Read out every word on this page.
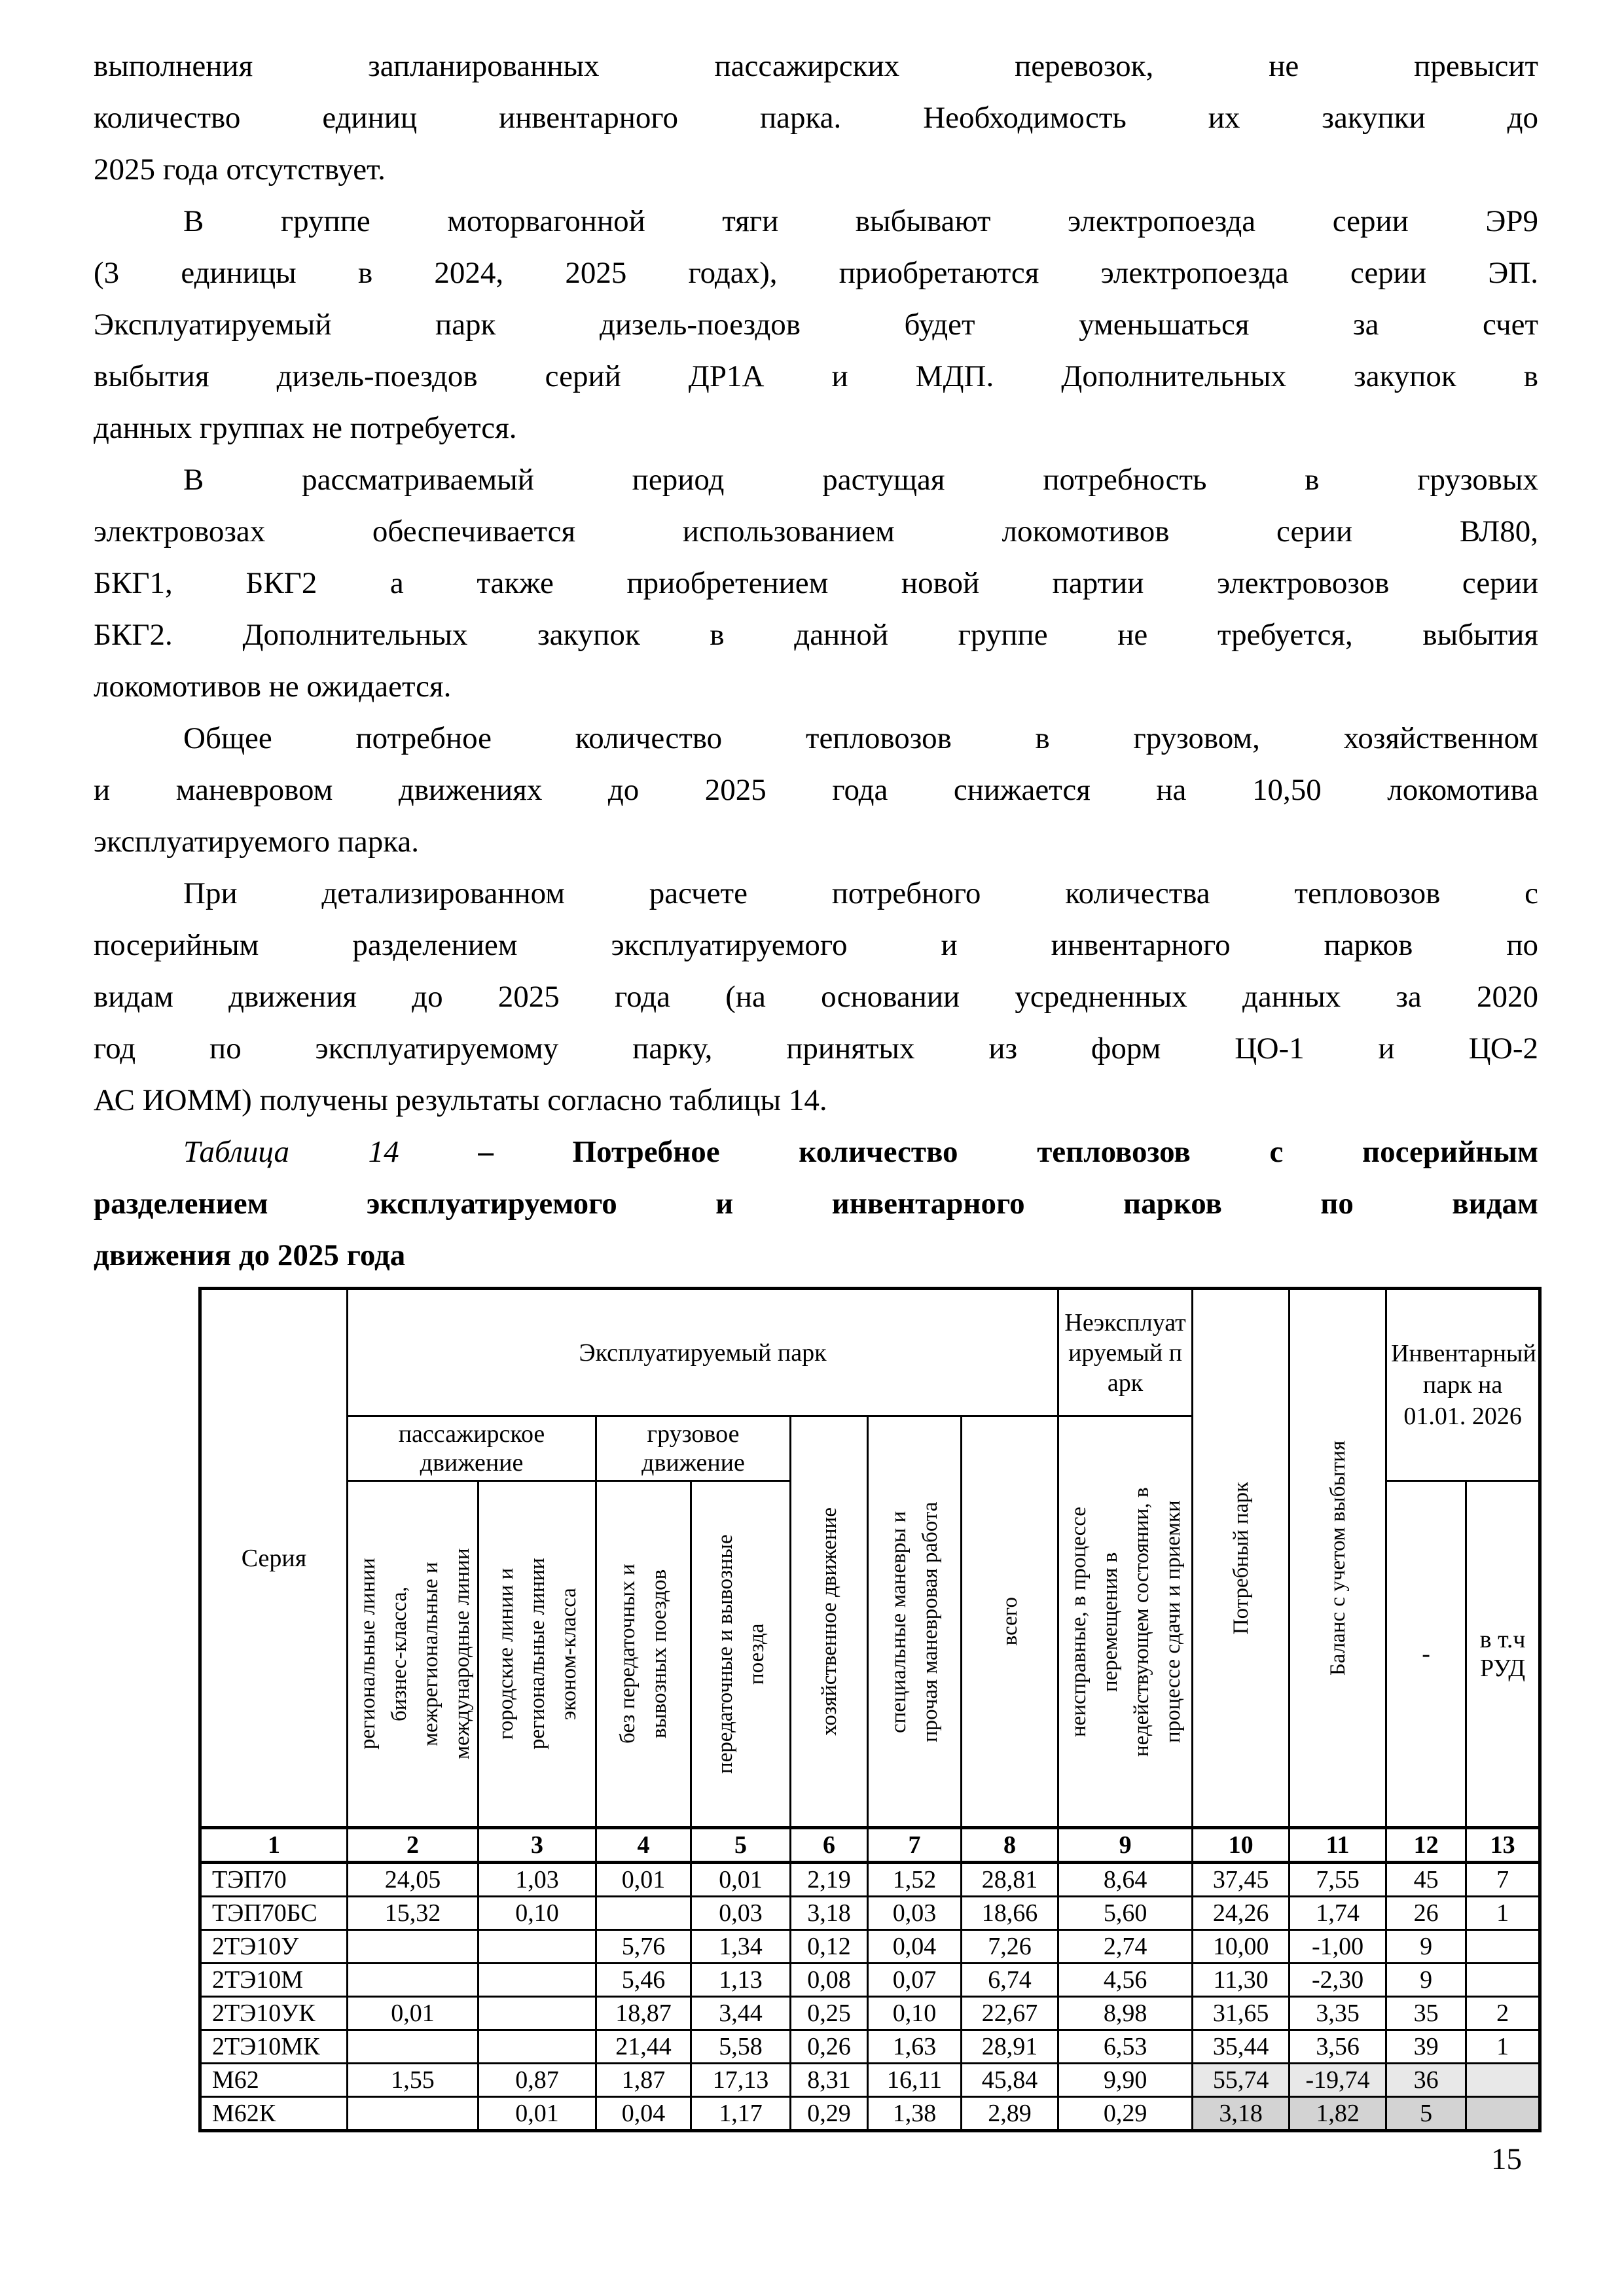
выполнения запланированных пассажирских перевозок, не превысит
количество единиц инвентарного парка. Необходимость их закупки до
2025 года отсутствует.
В группе моторвагонной тяги выбывают электропоезда серии ЭР9
(3 единицы в 2024, 2025 годах), приобретаются электропоезда серии ЭП.
Эксплуатируемый парк дизель-поездов будет уменьшаться за счет
выбытия дизель-поездов серий ДР1А и МДП. Дополнительных закупок в
данных группах не потребуется.
В рассматриваемый период растущая потребность в грузовых
электровозах обеспечивается использованием локомотивов серии ВЛ80,
БКГ1, БКГ2 а также приобретением новой партии электровозов серии
БКГ2. Дополнительных закупок в данной группе не требуется, выбытия
локомотивов не ожидается.
Общее потребное количество тепловозов в грузовом, хозяйственном
и маневровом движениях до 2025 года снижается на 10,50 локомотива
эксплуатируемого парка.
При детализированном расчете потребного количества тепловозов с
посерийным разделением эксплуатируемого и инвентарного парков по
видам движения до 2025 года (на основании усредненных данных за 2020
год по эксплуатируемому парку, принятых из форм ЦО-1 и ЦО-2
АС ИОММ) получены результаты согласно таблицы 14.
Таблица 14	–	Потребное количество тепловозов с посерийным
разделением эксплуатируемого и инвентарного парков по видам
движения до 2025 года
Серия	Эксплуатируемый парк							Неэксплуатируемый парк	Потребный парк	Баланс с учетом выбытия	Инвентарный парк на 01.01. 2026	
	пассажирское движение		грузовое движение		хозяйственное движение	специальные маневры и прочая маневровая работа	всего	неисправные, в процессе перемещения в недействующем состоянии, в процессе сдачи и приемки				
	региональные линии бизнес-класса, межрегиональные и международные линии	городские линии и региональные линии эконом-класса	без передаточных и вывозных поездов	передаточные и вывозные поезда							-	в т.ч РУД
1	2	3	4	5	6	7	8	9	10	11	12	13
ТЭП70	24,05	1,03	0,01	0,01	2,19	1,52	28,81	8,64	37,45	7,55	45	7
ТЭП70БС	15,32	0,10		0,03	3,18	0,03	18,66	5,60	24,26	1,74	26	1
2ТЭ10У			5,76	1,34	0,12	0,04	7,26	2,74	10,00	-1,00	9	
2ТЭ10М			5,46	1,13	0,08	0,07	6,74	4,56	11,30	-2,30	9	
2ТЭ10УК	0,01		18,87	3,44	0,25	0,10	22,67	8,98	31,65	3,35	35	2
2ТЭ10МК			21,44	5,58	0,26	1,63	28,91	6,53	35,44	3,56	39	1
М62	1,55	0,87	1,87	17,13	8,31	16,11	45,84	9,90	55,74	-19,74	36	
М62К		0,01	0,04	1,17	0,29	1,38	2,89	0,29	3,18	1,82	5	
15
